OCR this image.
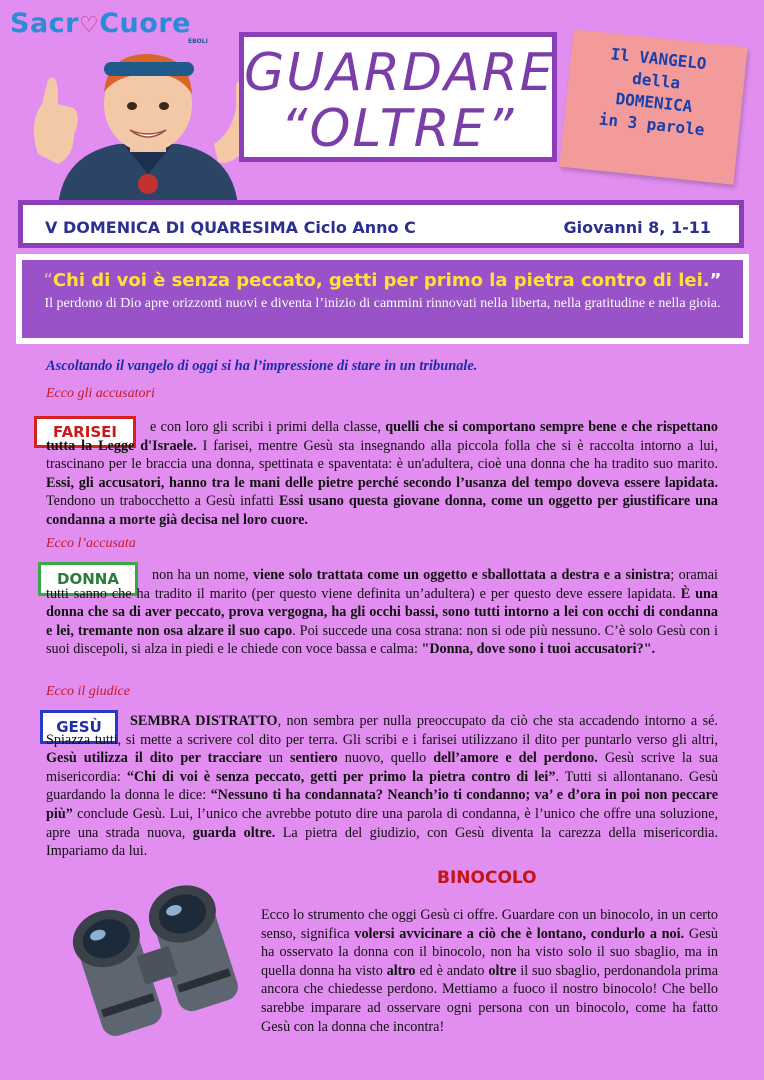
Sacr♡Cuore
EBOLI
GUARDARE
“OLTRE”
Il VANGELO
della
DOMENICA
in 3 parole
V DOMENICA DI QUARESIMA Ciclo Anno C	Giovanni 8, 1-11
“Chi di voi è senza peccato, getti per primo la pietra contro di lei.”
Il perdono di Dio apre orizzonti nuovi e diventa l’inizio di cammini rinnovati nella liberta, nella gratitudine e nella gioia.
Ascoltando il vangelo di oggi si ha l’impressione di stare in un tribunale.
Ecco gli accusatori
FARISEI	e con loro gli scribi i primi della classe, quelli che si comportano sempre bene e che rispettano tutta la Legge d'Israele. I farisei, mentre Gesù sta insegnando alla piccola folla che si è raccolta intorno a lui, trascinano per le braccia una donna, spettinata e spaventata: è un'adultera, cioè una donna che ha tradito suo marito. Essi, gli accusatori, hanno tra le mani delle pietre perché secondo l’usanza del tempo doveva essere lapidata. Tendono un trabocchetto a Gesù infatti Essi usano questa giovane donna, come un oggetto per giustificare una condanna a morte già decisa nel loro cuore.
Ecco l’accusata
DONNA	non ha un nome, viene solo trattata come un oggetto e sballottata a destra e a sinistra; oramai tutti sanno che ha tradito il marito (per questo viene definita un’adultera) e per questo deve essere lapidata. È una donna che sa di aver peccato, prova vergogna, ha gli occhi bassi, sono tutti intorno a lei con occhi di condanna e lei, tremante non osa alzare il suo capo. Poi succede una cosa strana: non si ode più nessuno. C’è solo Gesù con i suoi discepoli, si alza in piedi e le chiede con voce bassa e calma: "Donna, dove sono i tuoi accusatori?".
Ecco il giudice
GESÙ	SEMBRA DISTRATTO, non sembra per nulla preoccupato da ciò che sta accadendo intorno a sé. Spiazza tutti, si mette a scrivere col dito per terra. Gli scribi e i farisei utilizzano il dito per puntarlo verso gli altri, Gesù utilizza il dito per tracciare un sentiero nuovo, quello dell’amore e del perdono. Gesù scrive la sua misericordia: “Chi di voi è senza peccato, getti per primo la pietra contro di lei”. Tutti si allontanano. Gesù guardando la donna le dice: “Nessuno ti ha condannata? Neanch’io ti condanno; va’ e d’ora in poi non peccare più” conclude Gesù. Lui, l’unico che avrebbe potuto dire una parola di condanna, è l’unico che offre una soluzione, apre una strada nuova, guarda oltre. La pietra del giudizio, con Gesù diventa la carezza della misericordia. Impariamo da lui.
BINOCOLO
Ecco lo strumento che oggi Gesù ci offre. Guardare con un binocolo, in un certo senso, significa volersi avvicinare a ciò che è lontano, condurlo a noi. Gesù ha osservato la donna con il binocolo, non ha visto solo il suo sbaglio, ma in quella donna ha visto altro ed è andato oltre il suo sbaglio, perdonandola prima ancora che chiedesse perdono. Mettiamo a fuoco il nostro binocolo! Che bello sarebbe imparare ad osservare ogni persona con un binocolo, come ha fatto Gesù con la donna che incontra!
